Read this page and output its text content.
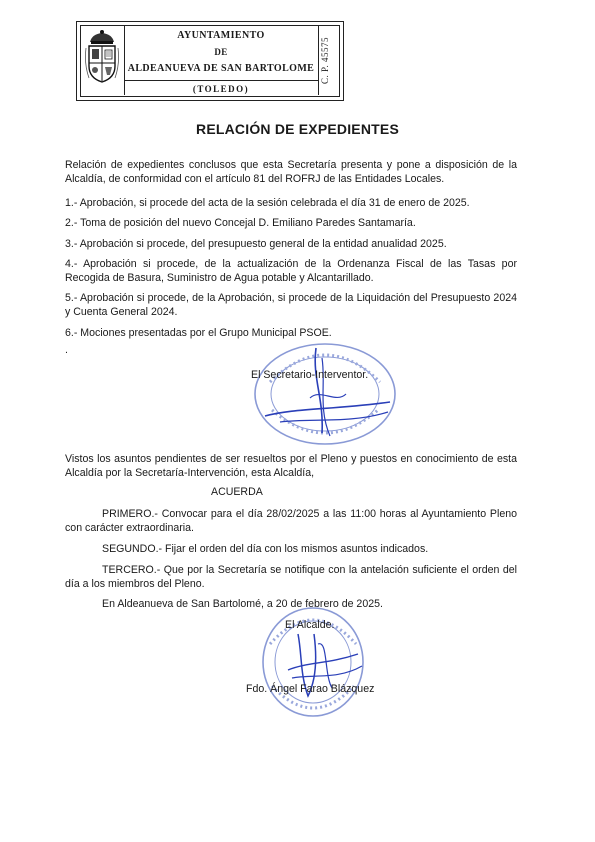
AYUNTAMIENTO
DE
ALDEANUEVA DE SAN BARTOLOME
(TOLEDO)
C. P. 45575
RELACIÓN DE EXPEDIENTES
Relación de expedientes conclusos que esta Secretaría presenta y pone a disposición de la Alcaldía, de conformidad con el artículo 81 del ROFRJ de las Entidades Locales.
1.- Aprobación, si procede del acta de la sesión celebrada el día 31 de enero de 2025.
2.- Toma de posición del nuevo Concejal D. Emiliano Paredes Santamaría.
3.- Aprobación si procede, del presupuesto general de la entidad anualidad 2025.
4.- Aprobación si procede, de la actualización de la Ordenanza Fiscal de las Tasas por Recogida de Basura, Suministro de Agua potable y Alcantarillado.
5.- Aprobación si procede, de la Aprobación, si procede de la Liquidación del Presupuesto 2024 y Cuenta General 2024.
6.- Mociones presentadas por el Grupo Municipal PSOE.
.
El Secretario-Interventor.
Vistos los asuntos pendientes de ser resueltos por el Pleno y puestos en conocimiento de esta Alcaldía por la Secretaría-Intervención, esta Alcaldía,
ACUERDA
PRIMERO.- Convocar para el día 28/02/2025 a las 11:00 horas al Ayuntamiento Pleno con carácter extraordinaria.
SEGUNDO.- Fijar el orden del día con los mismos asuntos indicados.
TERCERO.- Que por la Secretaría se notifique con la antelación suficiente el orden del día a los miembros del Pleno.
En Aldeanueva de San Bartolomé, a 20 de febrero de 2025.
El Alcalde.
Fdo. Ángel Farao Blázquez
